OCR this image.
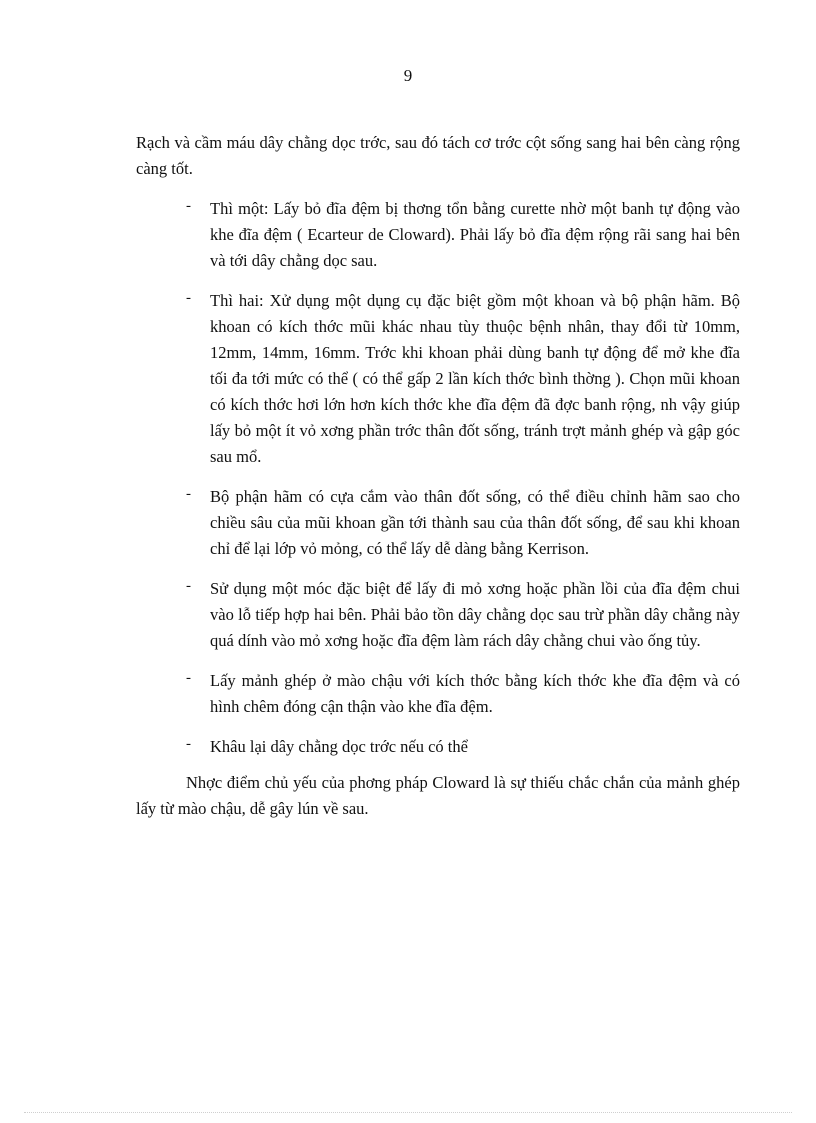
9

Rạch và cầm máu dây chằng dọc trớc, sau đó tách cơ trớc cột sống sang hai bên càng rộng càng tốt.

- Thì một: Lấy bỏ đĩa đệm bị thơng tổn bằng curette nhờ một banh tự động vào khe đĩa đệm ( Ecarteur de Cloward). Phải lấy bỏ đĩa đệm rộng rãi sang hai bên và tới dây chằng dọc sau.
- Thì hai: Xử dụng một dụng cụ đặc biệt gồm một khoan và bộ phận hãm. Bộ khoan có kích thớc mũi khác nhau tùy thuộc bệnh nhân, thay đổi từ 10mm, 12mm, 14mm, 16mm. Trớc khi khoan phải dùng banh tự động để mở khe đĩa tối đa tới mức có thể ( có thể gấp 2 lần kích thớc bình thờng ). Chọn mũi khoan có kích thớc hơi lớn hơn kích thớc khe đĩa đệm đã đợc banh rộng, nh vậy giúp lấy bỏ một ít vỏ xơng phần trớc thân đốt sống, tránh trợt mảnh ghép và gập góc sau mổ.
- Bộ phận hãm có cựa cắm vào thân đốt sống, có thể điều chỉnh hãm sao cho chiều sâu của mũi khoan gần tới thành sau của thân đốt sống, để sau khi khoan chỉ để lại lớp vỏ mỏng, có thể lấy dễ dàng bằng Kerrison.
- Sử dụng một móc đặc biệt để lấy đi mỏ xơng hoặc phần lồi của đĩa đệm chui vào lỗ tiếp hợp hai bên. Phải bảo tồn dây chằng dọc sau trừ phần dây chằng này quá dính vào mỏ xơng hoặc đĩa đệm làm rách dây chằng chui vào ống tủy.
- Lấy mảnh ghép ở mào chậu với kích thớc bằng kích thớc khe đĩa đệm và có hình chêm đóng cận thận vào khe đĩa đệm.
- Khâu lại dây chằng dọc trớc nếu có thể

Nhợc điểm chủ yếu của phơng pháp Cloward là sự thiếu chắc chắn của mảnh ghép lấy từ mào chậu, dễ gây lún về sau.
